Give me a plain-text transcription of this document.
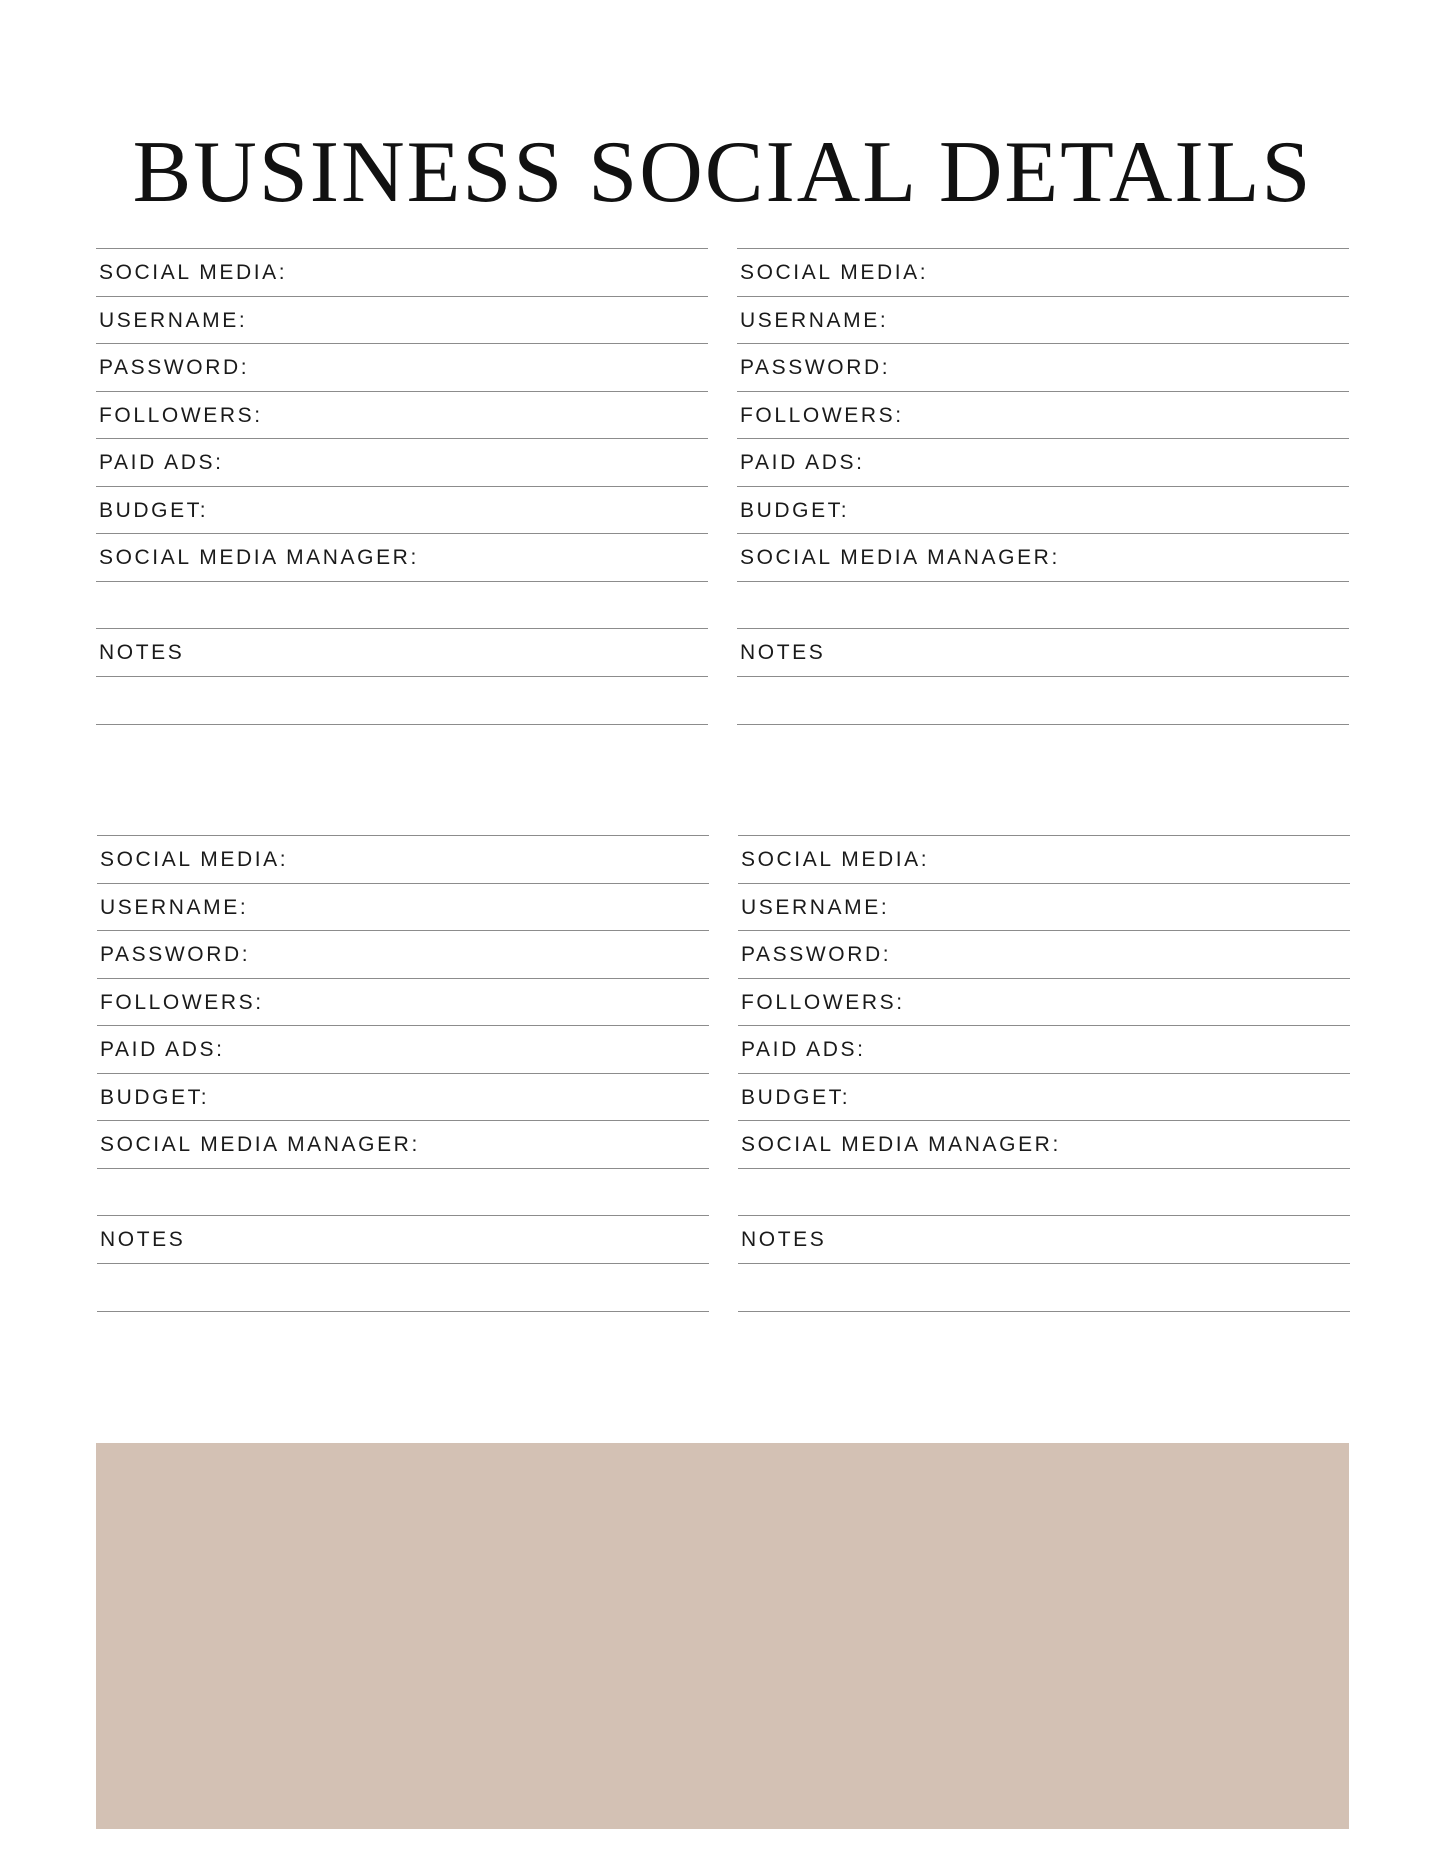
BUSINESS SOCIAL DETAILS
SOCIAL MEDIA:
USERNAME:
PASSWORD:
FOLLOWERS:
PAID ADS:
BUDGET:
SOCIAL MEDIA MANAGER:
NOTES
SOCIAL MEDIA:
USERNAME:
PASSWORD:
FOLLOWERS:
PAID ADS:
BUDGET:
SOCIAL MEDIA MANAGER:
NOTES
SOCIAL MEDIA:
USERNAME:
PASSWORD:
FOLLOWERS:
PAID ADS:
BUDGET:
SOCIAL MEDIA MANAGER:
NOTES
SOCIAL MEDIA:
USERNAME:
PASSWORD:
FOLLOWERS:
PAID ADS:
BUDGET:
SOCIAL MEDIA MANAGER:
NOTES
